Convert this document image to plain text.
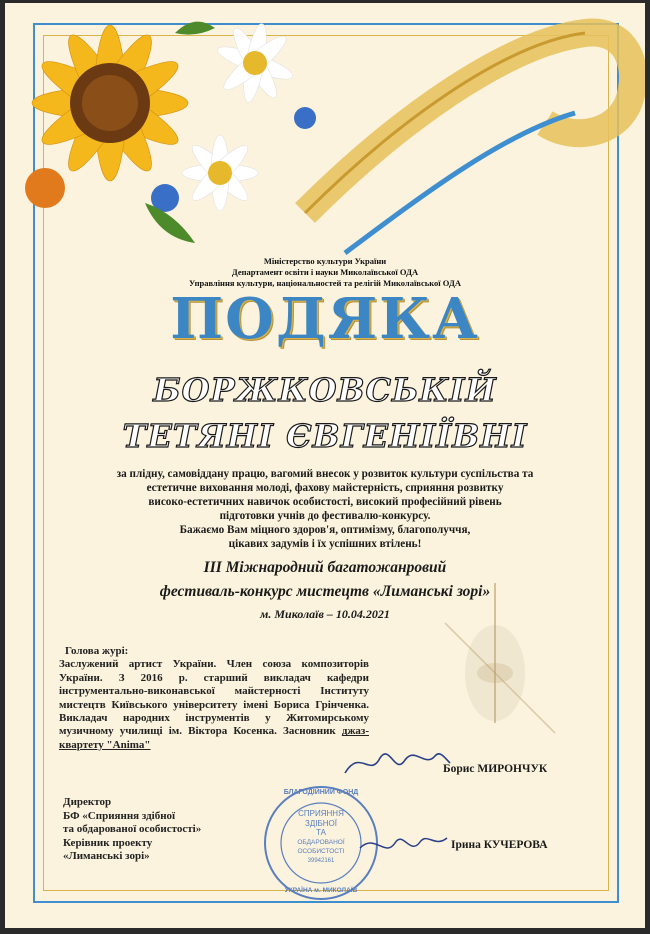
Міністерство культури України
Департамент освіти і науки Миколаївської ОДА
Управління культури, національностей та релігій Миколаївської ОДА
ПОДЯКА
БОРЖКОВСЬКІЙ
ТЕТЯНІ ЄВГЕНІЇВНІ
за плідну, самовіддану працю, вагомий внесок у розвиток культури суспільства та
естетичне виховання молоді, фахову майстерність, сприяння розвитку
високо-естетичних навичок особистості, високий професійний рівень
підготовки учнів до фестивалю-конкурсу.
Бажаємо Вам міцного здоров'я, оптимізму, благополуччя,
цікавих задумів і їх успішних втілень!
ІІІ Міжнародний багатожанровий
фестиваль-конкурс мистецтв «Лиманські зорі»
м. Миколаїв – 10.04.2021
Голова журі:
Заслужений артист України. Член союза композиторів України. З 2016 р. старший викладач кафедри інструментально-виконавської майстерності Інституту мистецтв Київського університету імені Бориса Грінченка. Викладач народних інструментів у Житомирському музичному училищі ім. Віктора Косенка. Засновник джаз-квартету "Anima"
Борис МИРОНЧУК
Директор
БФ «Сприяння здібної
та обдарованої особистості»
Керівник проекту
«Лиманські зорі»
БЛАГОДІЙНИЙ ФОНД
СПРИЯННЯ
ЗДІБНОЇ
ТА
ОБДАРОВАНОЇ
ОСОБИСТОСТІ
39942161
УКРАЇНА м. МИКОЛАЇВ
Ірина КУЧЕРОВА
